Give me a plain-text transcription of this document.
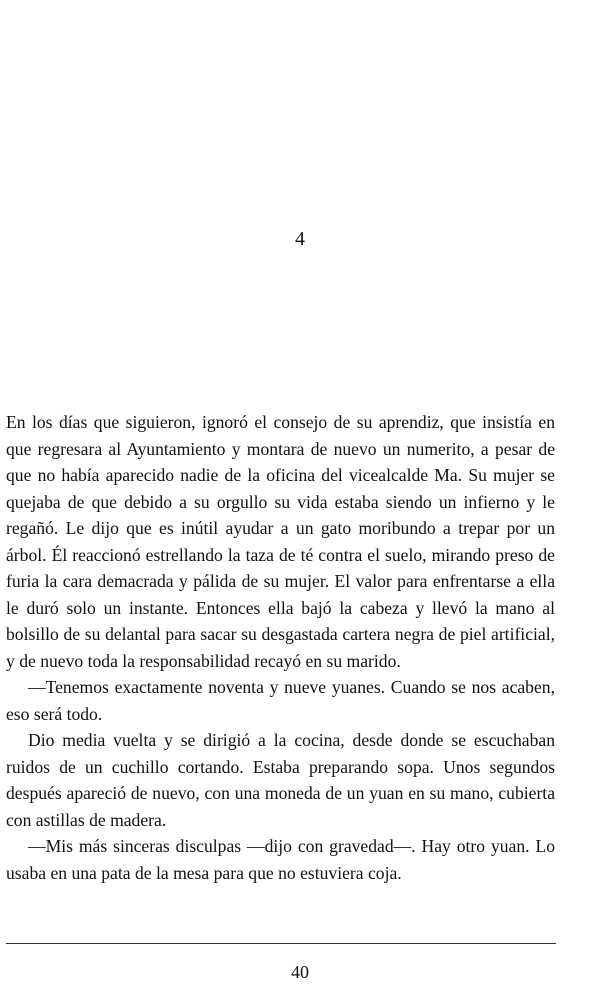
4

En los días que siguieron, ignoró el consejo de su aprendiz, que insistía en que regresara al Ayuntamiento y montara de nuevo un numerito, a pesar de que no había aparecido nadie de la oficina del vicealcalde Ma. Su mujer se quejaba de que debido a su orgullo su vida estaba siendo un infierno y le regañó. Le dijo que es inútil ayudar a un gato moribundo a trepar por un árbol. Él reaccionó estrellando la taza de té contra el suelo, mirando preso de furia la cara demacrada y pálida de su mujer. El valor para enfrentarse a ella le duró solo un instante. Entonces ella bajó la cabeza y llevó la mano al bolsillo de su delantal para sacar su desgastada cartera negra de piel artificial, y de nuevo toda la responsabilidad recayó en su marido.

—Tenemos exactamente noventa y nueve yuanes. Cuando se nos acaben, eso será todo.

Dio media vuelta y se dirigió a la cocina, desde donde se escuchaban ruidos de un cuchillo cortando. Estaba preparando sopa. Unos segundos después apareció de nuevo, con una moneda de un yuan en su mano, cubierta con astillas de madera.

—Mis más sinceras disculpas —dijo con gravedad—. Hay otro yuan. Lo usaba en una pata de la mesa para que no estuviera coja.

40
